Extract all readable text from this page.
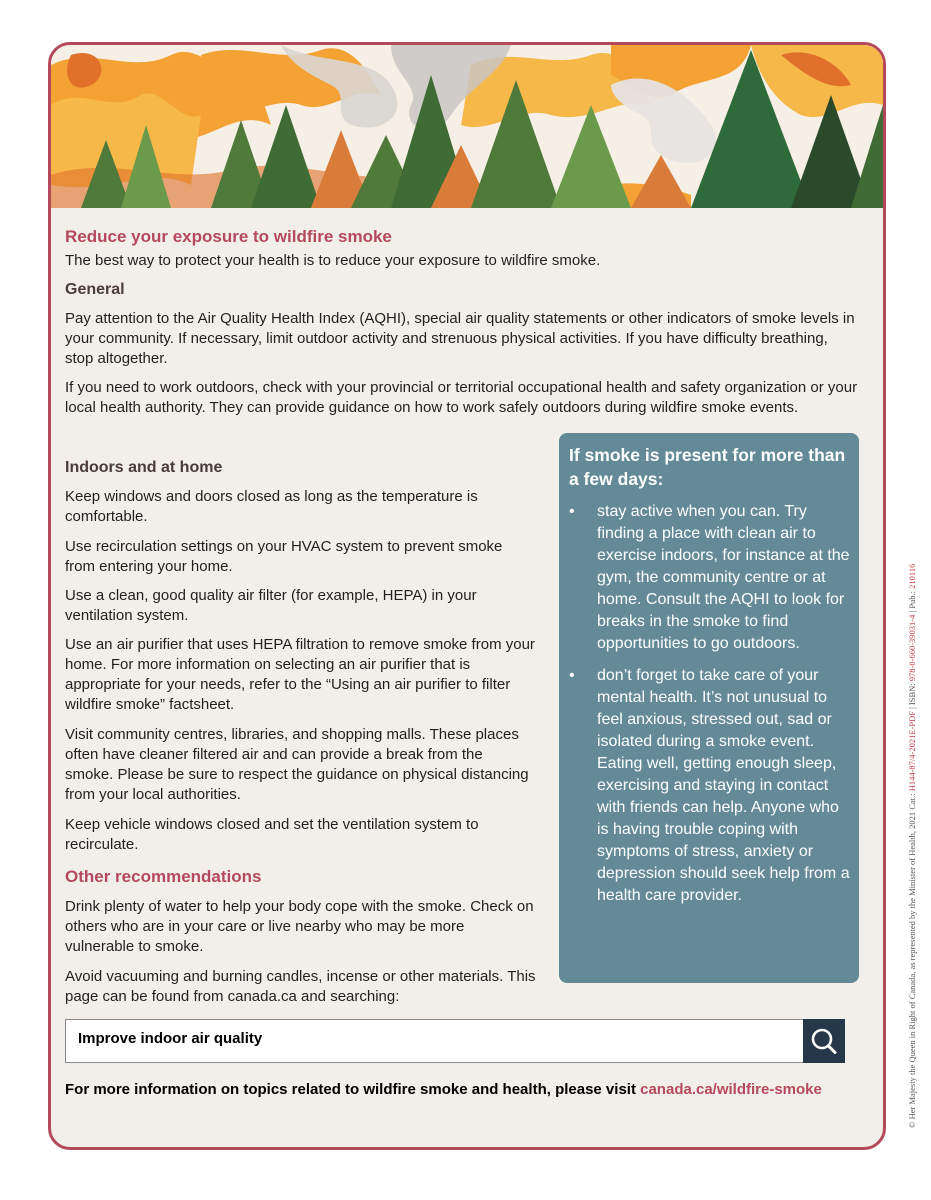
Reduce your exposure to wildfire smoke

The best way to protect your health is to reduce your exposure to wildfire smoke.

General

Pay attention to the Air Quality Health Index (AQHI), special air quality statements or other indicators of smoke levels in your community. If necessary, limit outdoor activity and strenuous physical activities. If you have difficulty breathing, stop altogether.

If you need to work outdoors, check with your provincial or territorial occupational health and safety organization or your local health authority. They can provide guidance on how to work safely outdoors during wildfire smoke events.

Indoors and at home

Keep windows and doors closed as long as the temperature is comfortable.

Use recirculation settings on your HVAC system to prevent smoke from entering your home.

Use a clean, good quality air filter (for example, HEPA) in your ventilation system.

Use an air purifier that uses HEPA filtration to remove smoke from your home. For more information on selecting an air purifier that is appropriate for your needs, refer to the “Using an air purifier to filter wildfire smoke” factsheet.

Visit community centres, libraries, and shopping malls. These places often have cleaner filtered air and can provide a break from the smoke. Please be sure to respect the guidance on physical distancing from your local authorities.

Keep vehicle windows closed and set the ventilation system to recirculate.

Other recommendations

Drink plenty of water to help your body cope with the smoke. Check on others who are in your care or live nearby who may be more vulnerable to smoke.

Avoid vacuuming and burning candles, incense or other materials. This page can be found from canada.ca and searching:

If smoke is present for more than a few days:
• stay active when you can. Try finding a place with clean air to exercise indoors, for instance at the gym, the community centre or at home. Consult the AQHI to look for breaks in the smoke to find opportunities to go outdoors.
• don’t forget to take care of your mental health. It’s not unusual to feel anxious, stressed out, sad or isolated during a smoke event. Eating well, getting enough sleep, exercising and staying in contact with friends can help. Anyone who is having trouble coping with symptoms of stress, anxiety or depression should seek help from a health care provider.
Improve indoor air quality
For more information on topics related to wildfire smoke and health, please visit canada.ca/wildfire-smoke	© Her Majesty the Queen in Right of Canada, as represented by the Minister of Health, 2021 Cat.: H144-87/4-2021E-PDF | ISBN: 978-0-660-39031-4 | Pub.: 210116
